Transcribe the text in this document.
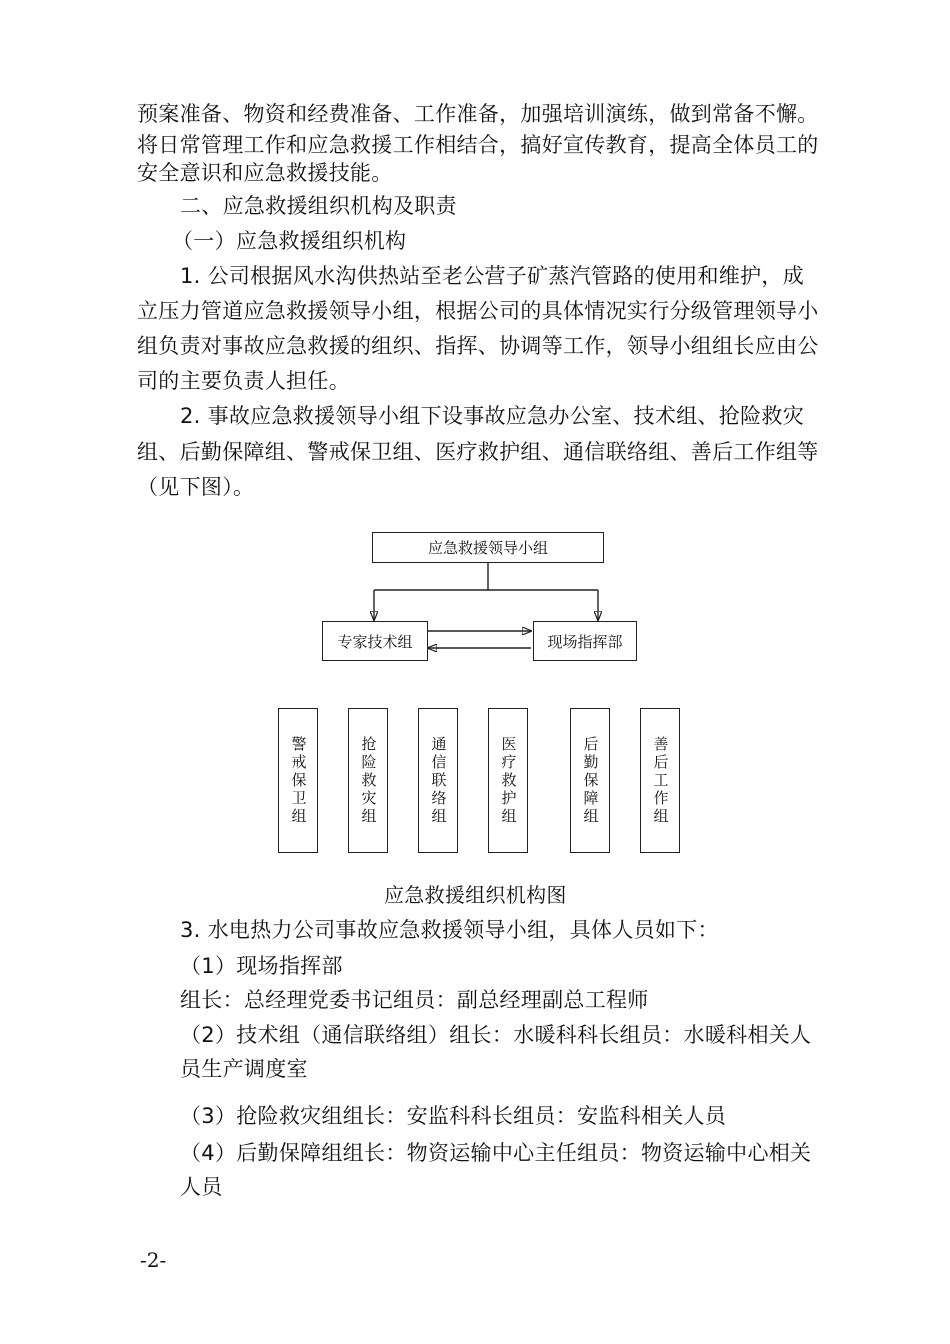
预案准备、物资和经费准备、工作准备，加强培训演练，做到常备不懈。
将日常管理工作和应急救援工作相结合，搞好宣传教育，提高全体员工的
安全意识和应急救援技能。
二、应急救援组织机构及职责
（一）应急救援组织机构
1. 公司根据风水沟供热站至老公营子矿蒸汽管路的使用和维护，成
立压力管道应急救援领导小组，根据公司的具体情况实行分级管理领导小
组负责对事故应急救援的组织、指挥、协调等工作，领导小组组长应由公
司的主要负责人担任。
2. 事故应急救援领导小组下设事故应急办公室、技术组、抢险救灾
组、后勤保障组、警戒保卫组、医疗救护组、通信联络组、善后工作组等
（见下图）。
应急救援领导小组
专家技术组	现场指挥部
警戒保卫组	抢险救灾组	通信联络组	医疗救护组	后勤保障组	善后工作组
应急救援组织机构图
3. 水电热力公司事故应急救援领导小组，具体人员如下：
（1）现场指挥部
组长：总经理党委书记组员：副总经理副总工程师
（2）技术组（通信联络组）组长：水暖科科长组员：水暖科相关人
员生产调度室
（3）抢险救灾组组长：安监科科长组员：安监科相关人员
（4）后勤保障组组长：物资运输中心主任组员：物资运输中心相关
人员
-2-
